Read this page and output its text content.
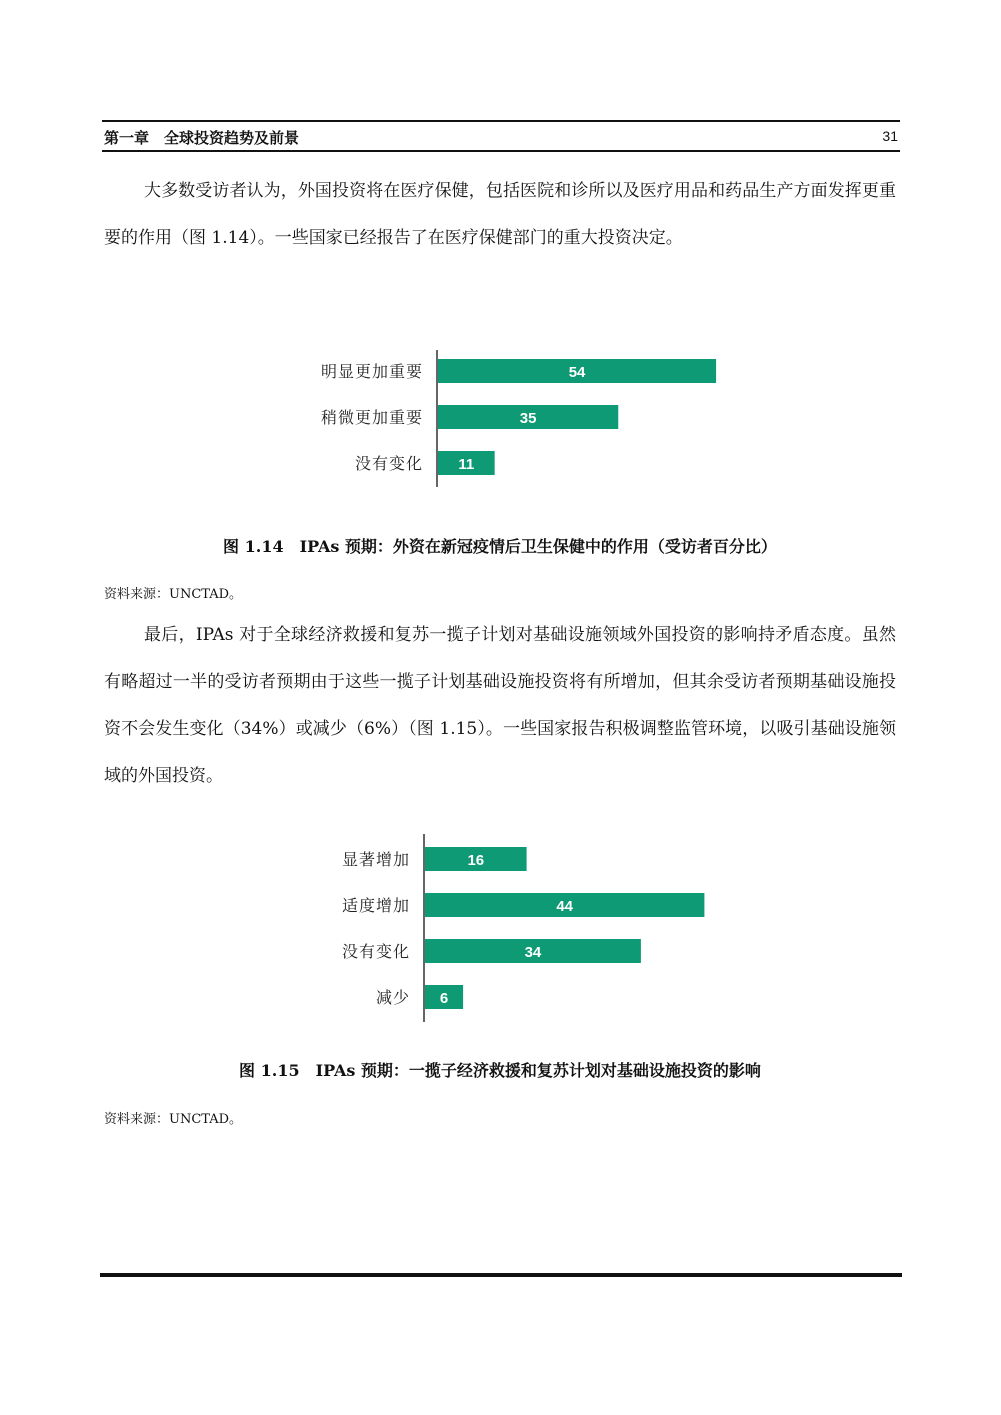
第一章　全球投资趋势及前景	31

大多数受访者认为，外国投资将在医疗保健，包括医院和诊所以及医疗用品和药品生产方面发挥更重要的作用（图 1.14）。一些国家已经报告了在医疗保健部门的重大投资决定。

54
明显更加重要
35
稍微更加重要
11
没有变化

图 1.14　IPAs 预期：外资在新冠疫情后卫生保健中的作用（受访者百分比）

资料来源：UNCTAD。

最后，IPAs 对于全球经济救援和复苏一揽子计划对基础设施领域外国投资的影响持矛盾态度。虽然有略超过一半的受访者预期由于这些一揽子计划基础设施投资将有所增加，但其余受访者预期基础设施投资不会发生变化（34%）或减少（6%）（图 1.15）。一些国家报告积极调整监管环境，以吸引基础设施领域的外国投资。

16
显著增加
44
适度增加
34
没有变化
6
减少

图 1.15　IPAs 预期：一揽子经济救援和复苏计划对基础设施投资的影响

资料来源：UNCTAD。
